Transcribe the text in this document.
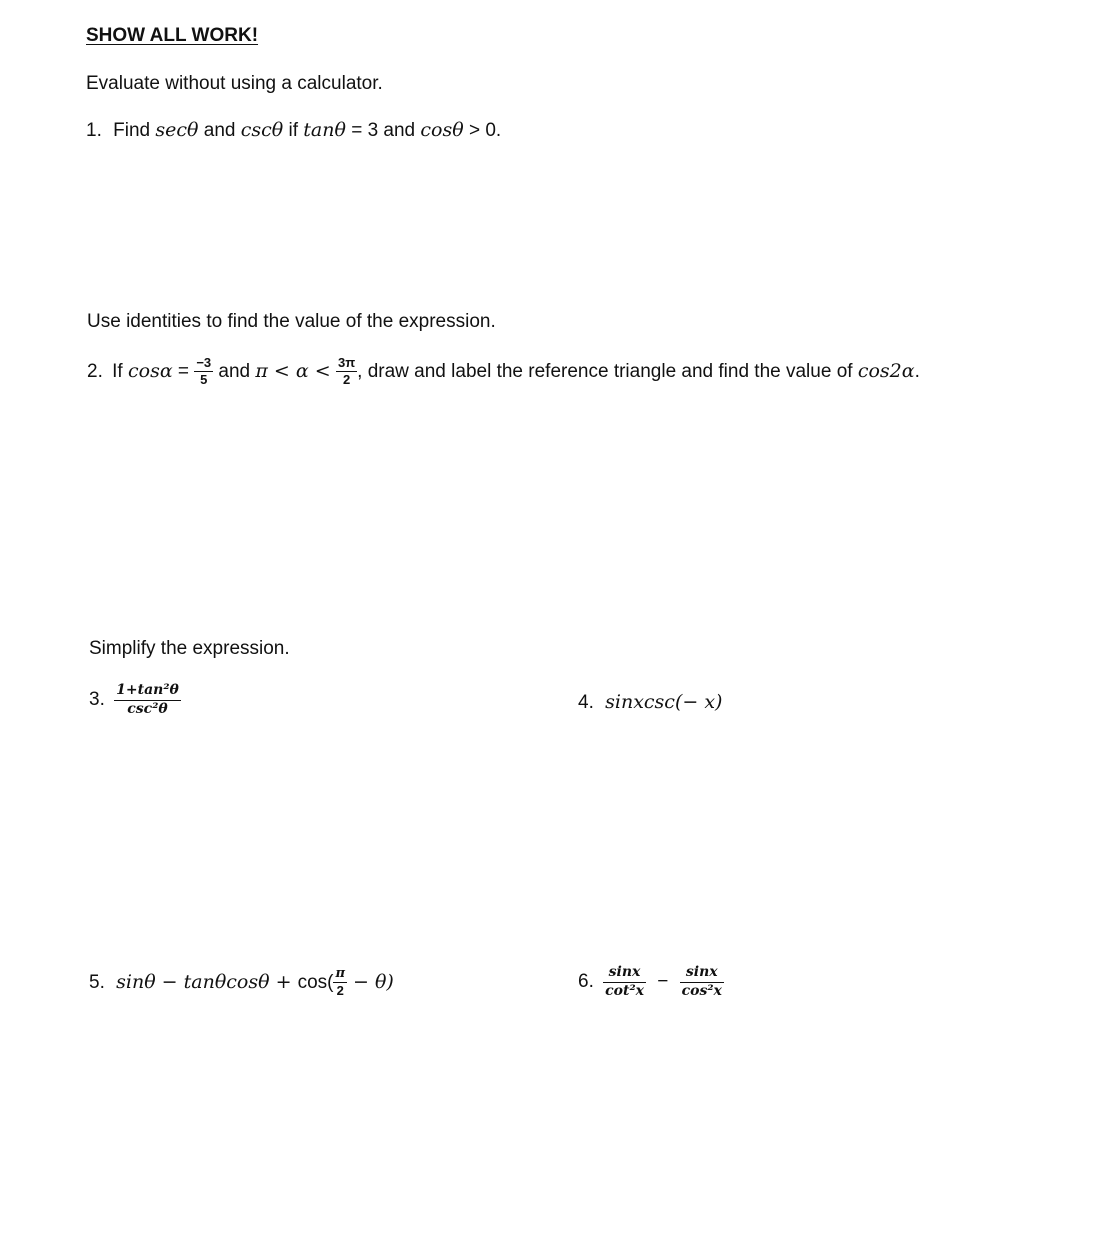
SHOW ALL WORK!
Evaluate without using a calculator.
1. Find secθ and cscθ if tanθ = 3 and cosθ > 0.
Use identities to find the value of the expression.
2. If $\cos\alpha = \frac{-3}{5}$ and $\pi < \alpha < \frac{3\pi}{2}$ , draw and label the reference triangle and find the value of cos2α.
Simplify the expression.
3. $\frac{\text{1+tan²θ}}{\text{csc²θ}}$	4. sinxcsc(− x)
5. $\sin\theta - \tan\theta\cos\theta + \cos( \frac{\pi}{2} - \theta)$	6. $\frac{\sin x}{\text{cot²x}} - \frac{\sin x}{\text{cos²x}}$
